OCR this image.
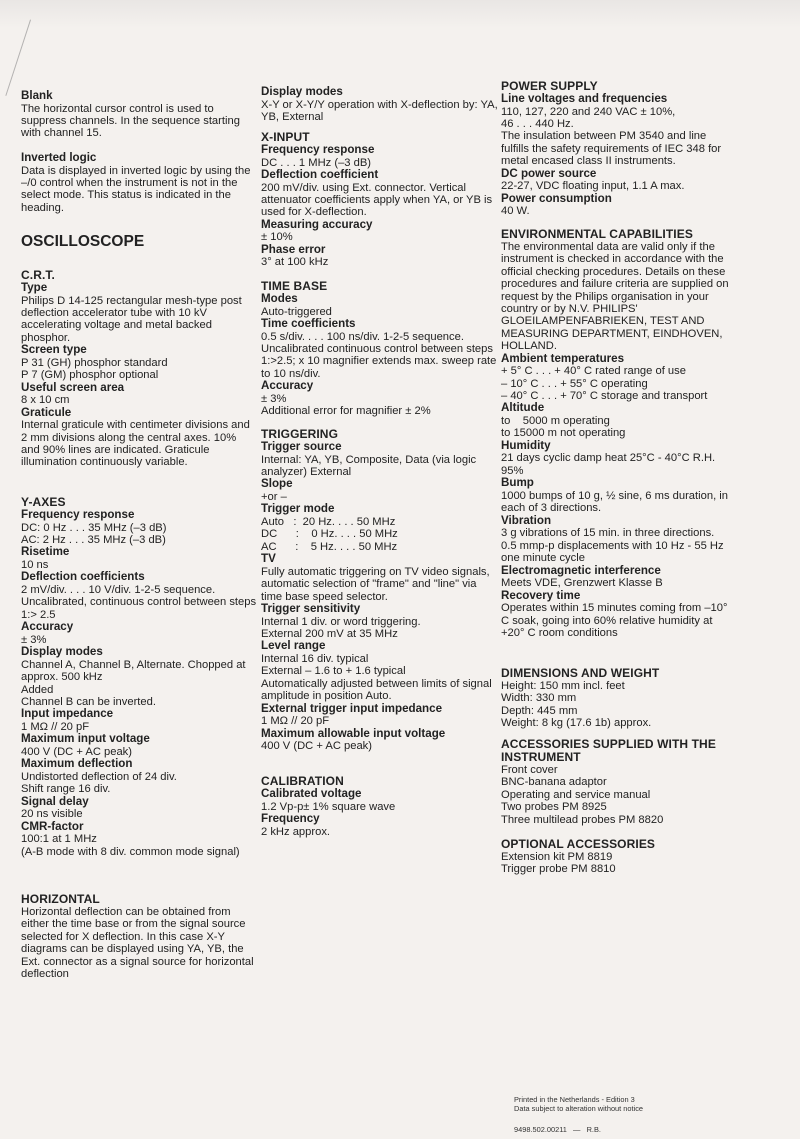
Blank

The horizontal cursor control is used to suppress channels. In the sequence starting with channel 15.

Inverted logic

Data is displayed in inverted logic by using the –/0 control when the instrument is not in the select mode. This status is indicated in the heading.

OSCILLOSCOPE
C.R.T.
Type

Philips D 14-125 rectangular mesh-type post deflection accelerator tube with 10 kV accelerating voltage and metal backed phosphor.

Screen type

P 31 (GH) phosphor standard

P 7 (GM) phosphor optional

Useful screen area

8 x 10 cm

Graticule

Internal graticule with centimeter divisions and 2 mm divisions along the central axes. 10% and 90% lines are indicated. Graticule illumination continuously variable.

Y-AXES
Frequency response

DC: 0 Hz . . . 35 MHz (–3 dB)

AC: 2 Hz . . . 35 MHz (–3 dB)

Risetime

10 ns

Deflection coefficients

2 mV/div. . . . 10 V/div. 1-2-5 sequence. Uncalibrated, continuous control between steps 1:> 2.5

Accuracy

± 3%

Display modes

Channel A, Channel B, Alternate. Chopped at approx. 500 kHz

Added

Channel B can be inverted.

Input impedance

1 MΩ // 20 pF

Maximum input voltage

400 V (DC + AC peak)

Maximum deflection

Undistorted deflection of 24 div.

Shift range 16 div.

Signal delay

20 ns visible

CMR-factor

100:1 at 1 MHz

(A-B mode with 8 div. common mode signal)

HORIZONTAL

Horizontal deflection can be obtained from either the time base or from the signal source selected for X deflection. In this case X-Y diagrams can be displayed using YA, YB, the Ext. connector as a signal source for horizontal deflection

Display modes

X-Y or X-Y/Y operation with X-deflection by: YA, YB, External

X-INPUT
Frequency response

DC . . . 1 MHz (–3 dB)

Deflection coefficient

200 mV/div. using Ext. connector. Vertical attenuator coefficients apply when YA, or YB is used for X-deflection.

Measuring accuracy

± 10%

Phase error

3° at 100 kHz

TIME BASE
Modes

Auto-triggered

Time coefficients

0.5 s/div. . . . 100 ns/div. 1-2-5 sequence. Uncalibrated continuous control between steps 1:>2.5; x 10 magnifier extends max. sweep rate to 10 ns/div.

Accuracy

± 3%

Additional error for magnifier ± 2%

TRIGGERING
Trigger source

Internal: YA, YB, Composite, Data (via logic analyzer) External

Slope

+or –

Trigger mode

Auto   :  20 Hz. . . . 50 MHz

DC      :    0 Hz. . . . 50 MHz

AC      :    5 Hz. . . . 50 MHz

TV

Fully automatic triggering on TV video signals, automatic selection of "frame" and "line" via time base speed selector.

Trigger sensitivity

Internal 1 div. or word triggering.

External 200 mV at 35 MHz

Level range

Internal 16 div. typical

External – 1.6 to + 1.6 typical

Automatically adjusted between limits of signal amplitude in position Auto.

External trigger input impedance

1 MΩ // 20 pF

Maximum allowable input voltage

400 V (DC + AC peak)

CALIBRATION
Calibrated voltage

1.2 Vp-p± 1% square wave

Frequency

2 kHz approx.

POWER SUPPLY
Line voltages and frequencies

110, 127, 220 and 240 VAC ± 10%,

46 . . . 440 Hz.

The insulation between PM 3540 and line fulfills the safety requirements of IEC 348 for metal encased class II instruments.

DC power source

22-27, VDC floating input, 1.1 A max.

Power consumption

40 W.

ENVIRONMENTAL CAPABILITIES

The environmental data are valid only if the instrument is checked in accordance with the official checking procedures. Details on these procedures and failure criteria are supplied on request by the Philips organisation in your country or by N.V. PHILIPS' GLOEILAMPENFABRIEKEN, TEST AND MEASURING DEPARTMENT, EINDHOVEN, HOLLAND.

Ambient temperatures

+ 5° C . . . + 40° C rated range of use

– 10° C . . . + 55° C operating

– 40° C . . . + 70° C storage and transport

Altitude

to    5000 m operating

to 15000 m not operating

Humidity

21 days cyclic damp heat 25°C - 40°C R.H. 95%

Bump

1000 bumps of 10 g, ½ sine, 6 ms duration, in each of 3 directions.

Vibration

3 g vibrations of 15 min. in three directions. 0.5 mmp-p displacements with 10 Hz - 55 Hz one minute cycle

Electromagnetic interference

Meets VDE, Grenzwert Klasse B

Recovery time

Operates within 15 minutes coming from –10° C soak, going into 60% relative humidity at +20° C room conditions

DIMENSIONS AND WEIGHT

Height: 150 mm incl. feet

Width: 330 mm

Depth: 445 mm

Weight: 8 kg (17.6 1b) approx.

ACCESSORIES SUPPLIED WITH THE INSTRUMENT

Front cover

BNC-banana adaptor

Operating and service manual

Two probes PM 8925

Three multilead probes PM 8820

OPTIONAL ACCESSORIES

Extension kit PM 8819

Trigger probe PM 8810

Printed in the Netherlands - Edition 3
Data subject to alteration without notice
9498.502.00211   —   R.B.
